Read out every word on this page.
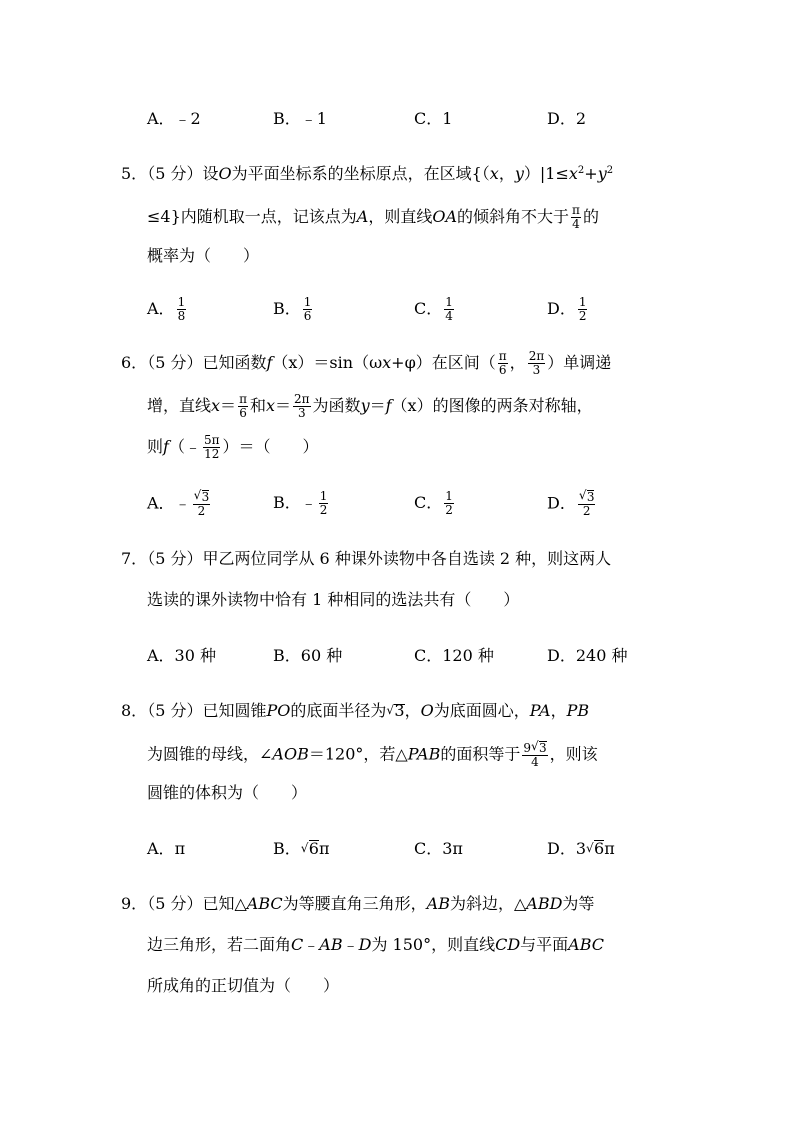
A．﹣2	B．﹣1	C．1	D．2
5．（5 分）设O为平面坐标系的坐标原点，在区域{（x，$y)|1\le x^2+y^2$
≤4}内随机取一点，记该点为A，则直线OA的倾斜角不大于 $\frac{\pi}{4}$ 的
概率为（　　）
A． $\frac{1}{8}$	B． $\frac{1}{6}$	C． $\frac{1}{4}$	D． $\frac{1}{2}$
6．（5 分）已知函数f（x）＝sin（ωx+φ）在区间（ $\frac{\pi}{6}$ ， $\frac{2\pi}{3}$ ）单调递
增，直线$x= \frac{\pi}{6}$ 和$x= \frac{2\pi}{3}$ 为函数y＝f（x）的图像的两条对称轴，
则f（﹣ $\frac{5\pi}{12}$ ）＝（　　）
A．﹣ √ $\frac{3}{2}$	B．﹣ $\frac{1}{2}$	C． $\frac{1}{2}$	D． √ $\frac{3}{2}$
7．（5 分）甲乙两位同学从 6 种课外读物中各自选读 2 种，则这两人
选读的课外读物中恰有 1 种相同的选法共有（　　）
A．30 种	B．60 种	C．120 种	D．240 种
8．（5 分）已知圆锥PO的底面半径为 √ 3，O为底面圆心，PA，PB
为圆锥的母线，∠AOB＝120°，若△PAB的面积等于 $\frac{9 √ 3}{4}$ ，则该
圆锥的体积为（　　）
A．π	B． √ 6π	C．3π	D．3 √ 6π
9．（5 分）已知△ABC为等腰直角三角形，AB为斜边，△ABD为等
边三角形，若二面角C﹣AB﹣D为 150°，则直线CD与平面ABC
所成角的正切值为（　　）
